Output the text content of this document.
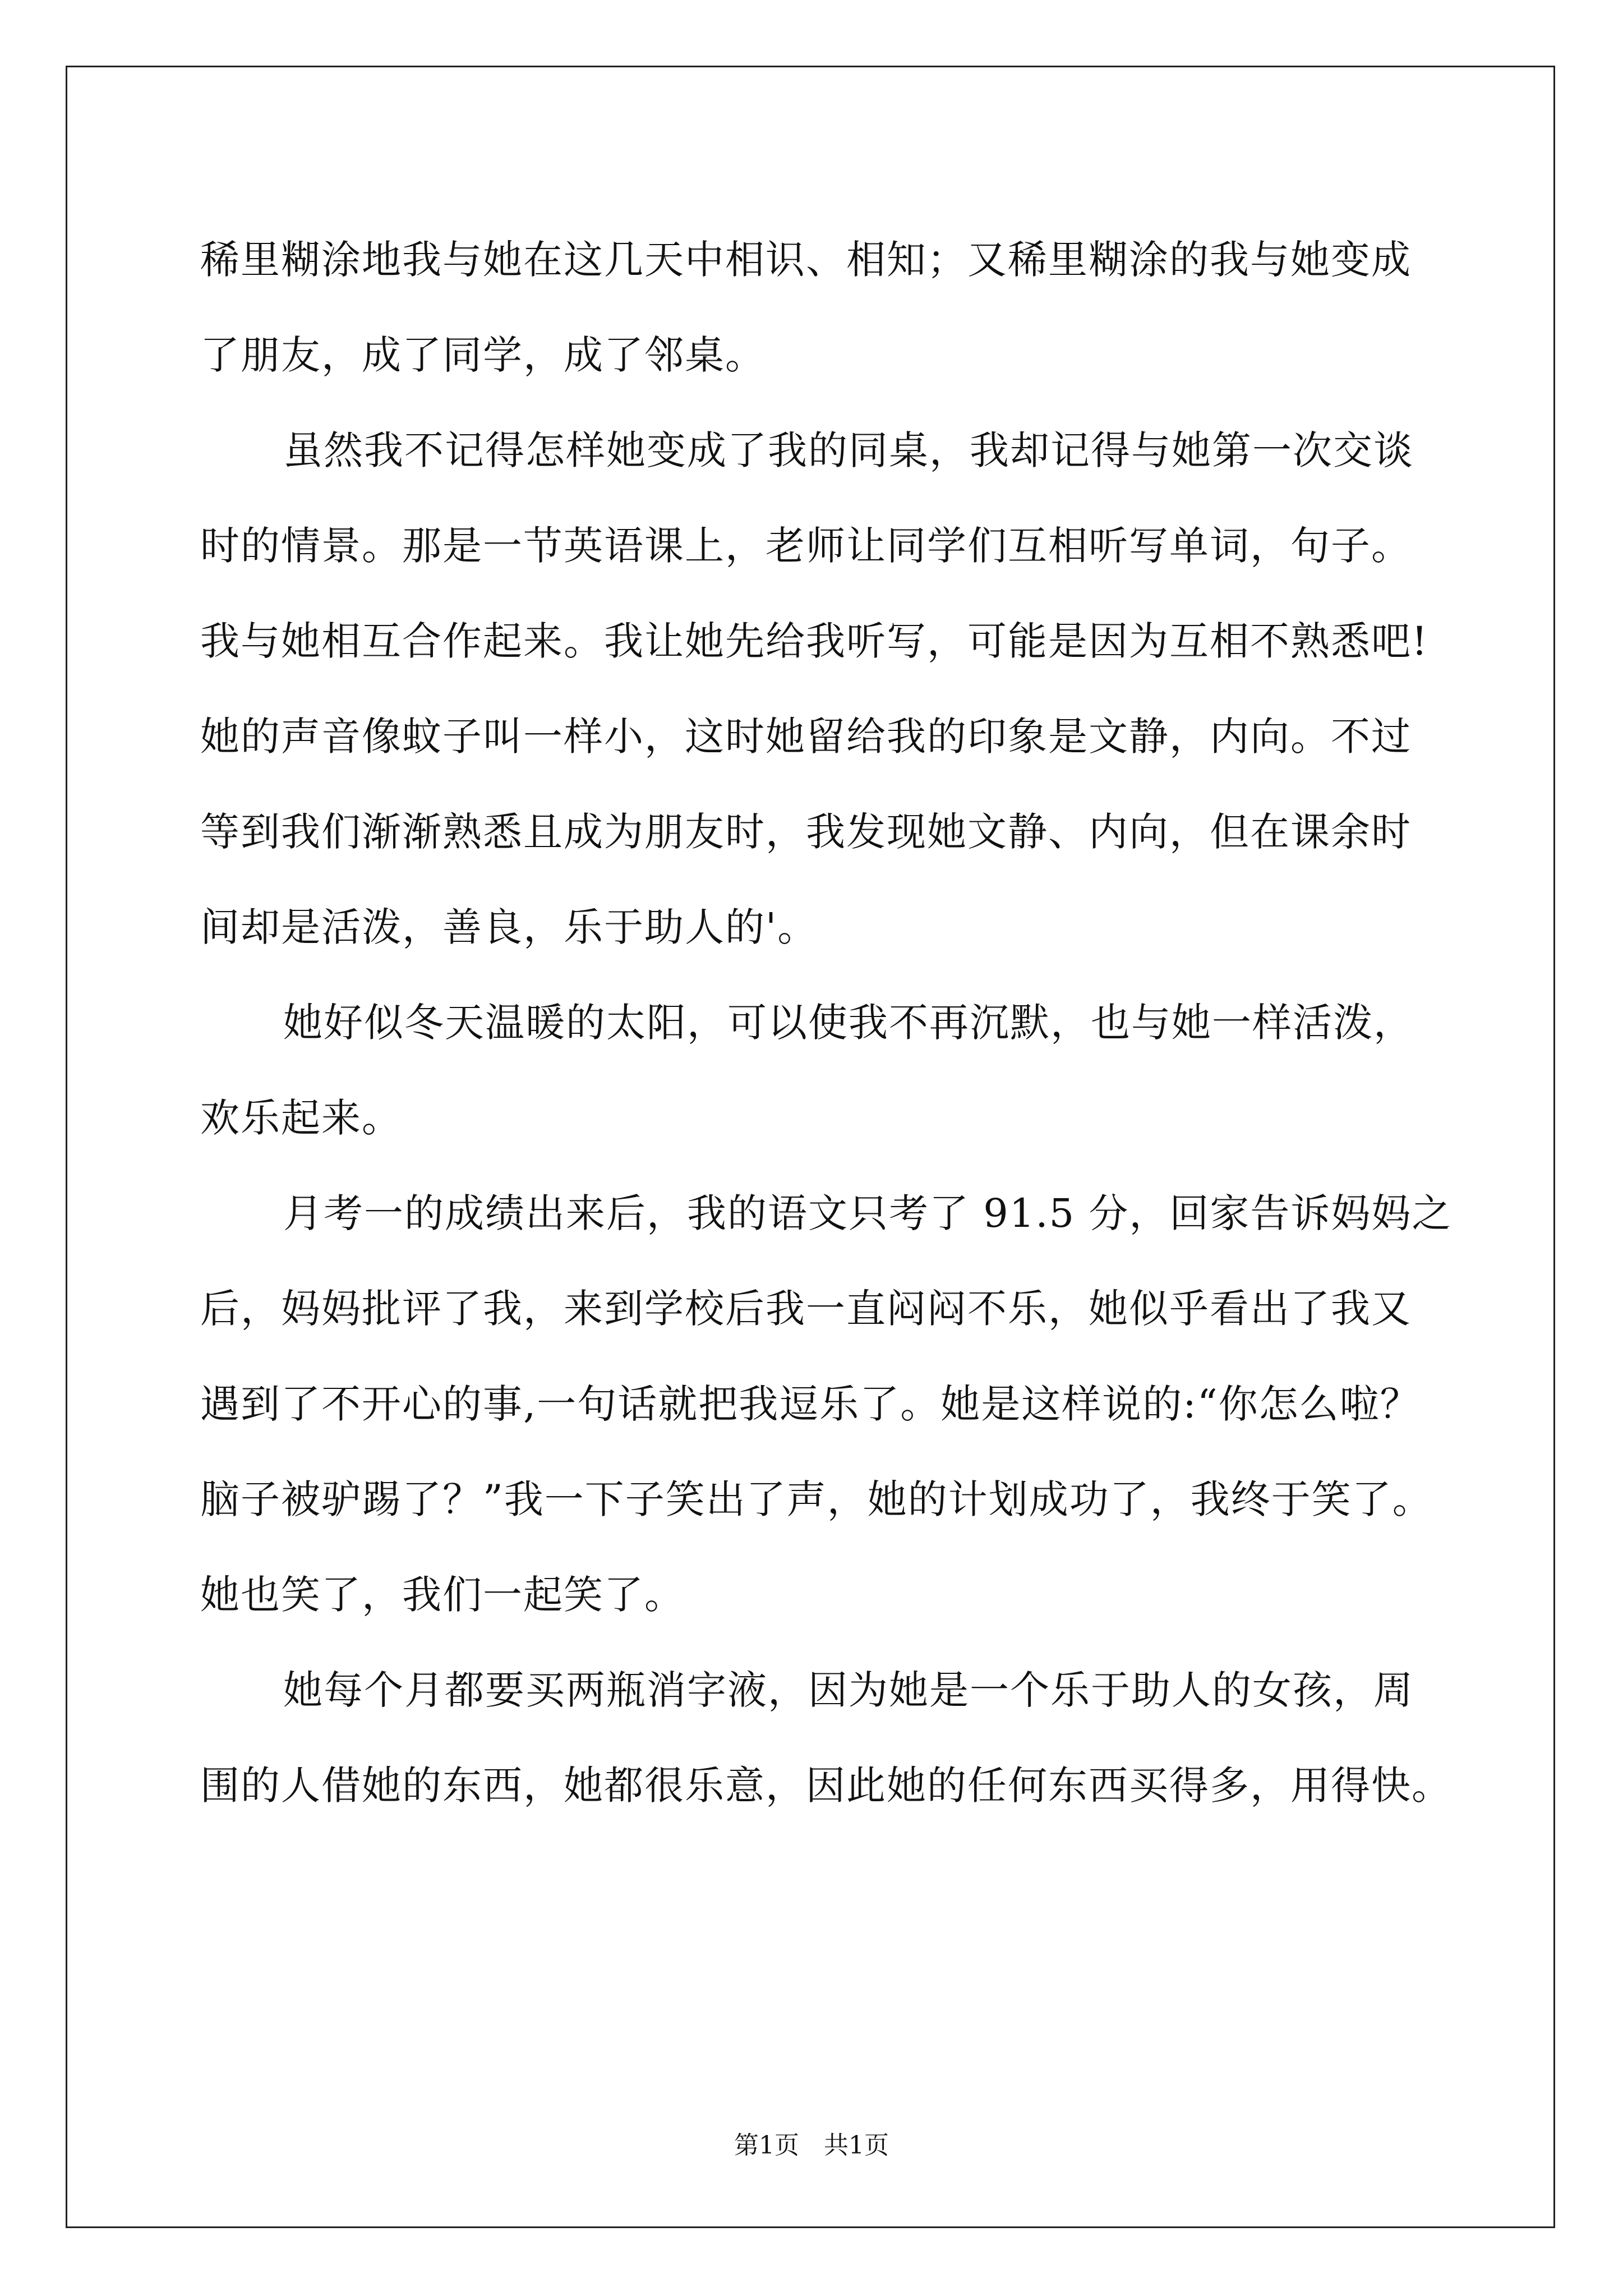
稀里糊涂地我与她在这几天中相识、相知；又稀里糊涂的我与她变成
了朋友，成了同学，成了邻桌。
虽然我不记得怎样她变成了我的同桌，我却记得与她第一次交谈
时的情景。那是一节英语课上，老师让同学们互相听写单词，句子。
我与她相互合作起来。我让她先给我听写，可能是因为互相不熟悉吧!
她的声音像蚊子叫一样小，这时她留给我的印象是文静，内向。不过
等到我们渐渐熟悉且成为朋友时，我发现她文静、内向，但在课余时
间却是活泼，善良，乐于助人的'。
她好似冬天温暖的太阳，可以使我不再沉默，也与她一样活泼，
欢乐起来。
月考一的成绩出来后，我的语文只考了 91.5 分，回家告诉妈妈之
后，妈妈批评了我，来到学校后我一直闷闷不乐，她似乎看出了我又
遇到了不开心的事,一句话就把我逗乐了。她是这样说的:“你怎么啦？
脑子被驴踢了？”我一下子笑出了声，她的计划成功了，我终于笑了。
她也笑了，我们一起笑了。
她每个月都要买两瓶消字液，因为她是一个乐于助人的女孩，周
围的人借她的东西，她都很乐意，因此她的任何东西买得多，用得快。
第1页　共1页
